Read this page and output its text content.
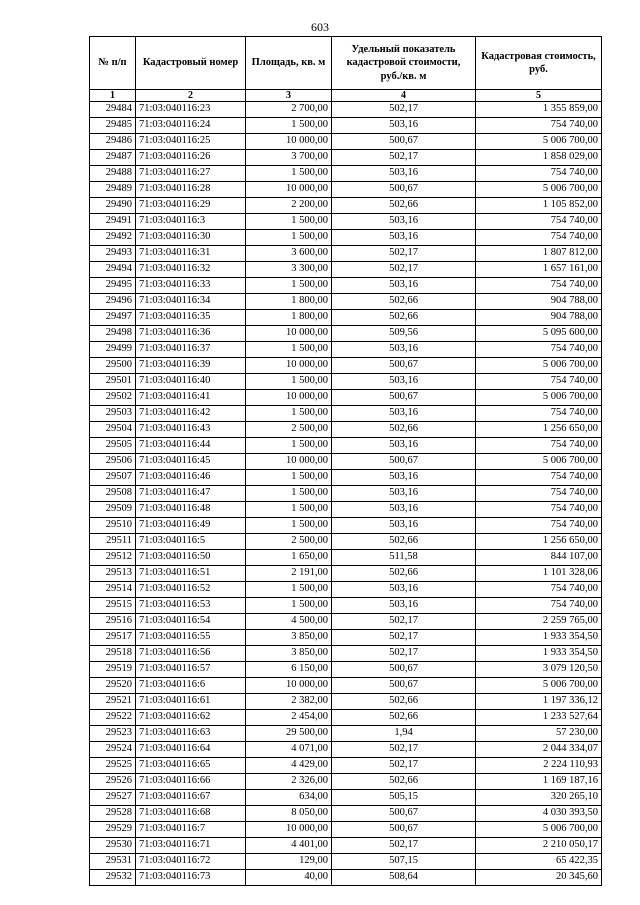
603
№ п/п	Кадастровый номер	Площадь, кв. м	Удельный показатель кадастровой стоимости, руб./кв. м	Кадастровая стоимость, руб.
1	2	3	4	5
29484	71:03:040116:23	2 700,00	502,17	1 355 859,00
29485	71:03:040116:24	1 500,00	503,16	754 740,00
29486	71:03:040116:25	10 000,00	500,67	5 006 700,00
29487	71:03:040116:26	3 700,00	502,17	1 858 029,00
29488	71:03:040116:27	1 500,00	503,16	754 740,00
29489	71:03:040116:28	10 000,00	500,67	5 006 700,00
29490	71:03:040116:29	2 200,00	502,66	1 105 852,00
29491	71:03:040116:3	1 500,00	503,16	754 740,00
29492	71:03:040116:30	1 500,00	503,16	754 740,00
29493	71:03:040116:31	3 600,00	502,17	1 807 812,00
29494	71:03:040116:32	3 300,00	502,17	1 657 161,00
29495	71:03:040116:33	1 500,00	503,16	754 740,00
29496	71:03:040116:34	1 800,00	502,66	904 788,00
29497	71:03:040116:35	1 800,00	502,66	904 788,00
29498	71:03:040116:36	10 000,00	509,56	5 095 600,00
29499	71:03:040116:37	1 500,00	503,16	754 740,00
29500	71:03:040116:39	10 000,00	500,67	5 006 700,00
29501	71:03:040116:40	1 500,00	503,16	754 740,00
29502	71:03:040116:41	10 000,00	500,67	5 006 700,00
29503	71:03:040116:42	1 500,00	503,16	754 740,00
29504	71:03:040116:43	2 500,00	502,66	1 256 650,00
29505	71:03:040116:44	1 500,00	503,16	754 740,00
29506	71:03:040116:45	10 000,00	500,67	5 006 700,00
29507	71:03:040116:46	1 500,00	503,16	754 740,00
29508	71:03:040116:47	1 500,00	503,16	754 740,00
29509	71:03:040116:48	1 500,00	503,16	754 740,00
29510	71:03:040116:49	1 500,00	503,16	754 740,00
29511	71:03:040116:5	2 500,00	502,66	1 256 650,00
29512	71:03:040116:50	1 650,00	511,58	844 107,00
29513	71:03:040116:51	2 191,00	502,66	1 101 328,06
29514	71:03:040116:52	1 500,00	503,16	754 740,00
29515	71:03:040116:53	1 500,00	503,16	754 740,00
29516	71:03:040116:54	4 500,00	502,17	2 259 765,00
29517	71:03:040116:55	3 850,00	502,17	1 933 354,50
29518	71:03:040116:56	3 850,00	502,17	1 933 354,50
29519	71:03:040116:57	6 150,00	500,67	3 079 120,50
29520	71:03:040116:6	10 000,00	500,67	5 006 700,00
29521	71:03:040116:61	2 382,00	502,66	1 197 336,12
29522	71:03:040116:62	2 454,00	502,66	1 233 527,64
29523	71:03:040116:63	29 500,00	1,94	57 230,00
29524	71:03:040116:64	4 071,00	502,17	2 044 334,07
29525	71:03:040116:65	4 429,00	502,17	2 224 110,93
29526	71:03:040116:66	2 326,00	502,66	1 169 187,16
29527	71:03:040116:67	634,00	505,15	320 265,10
29528	71:03:040116:68	8 050,00	500,67	4 030 393,50
29529	71:03:040116:7	10 000,00	500,67	5 006 700,00
29530	71:03:040116:71	4 401,00	502,17	2 210 050,17
29531	71:03:040116:72	129,00	507,15	65 422,35
29532	71:03:040116:73	40,00	508,64	20 345,60
